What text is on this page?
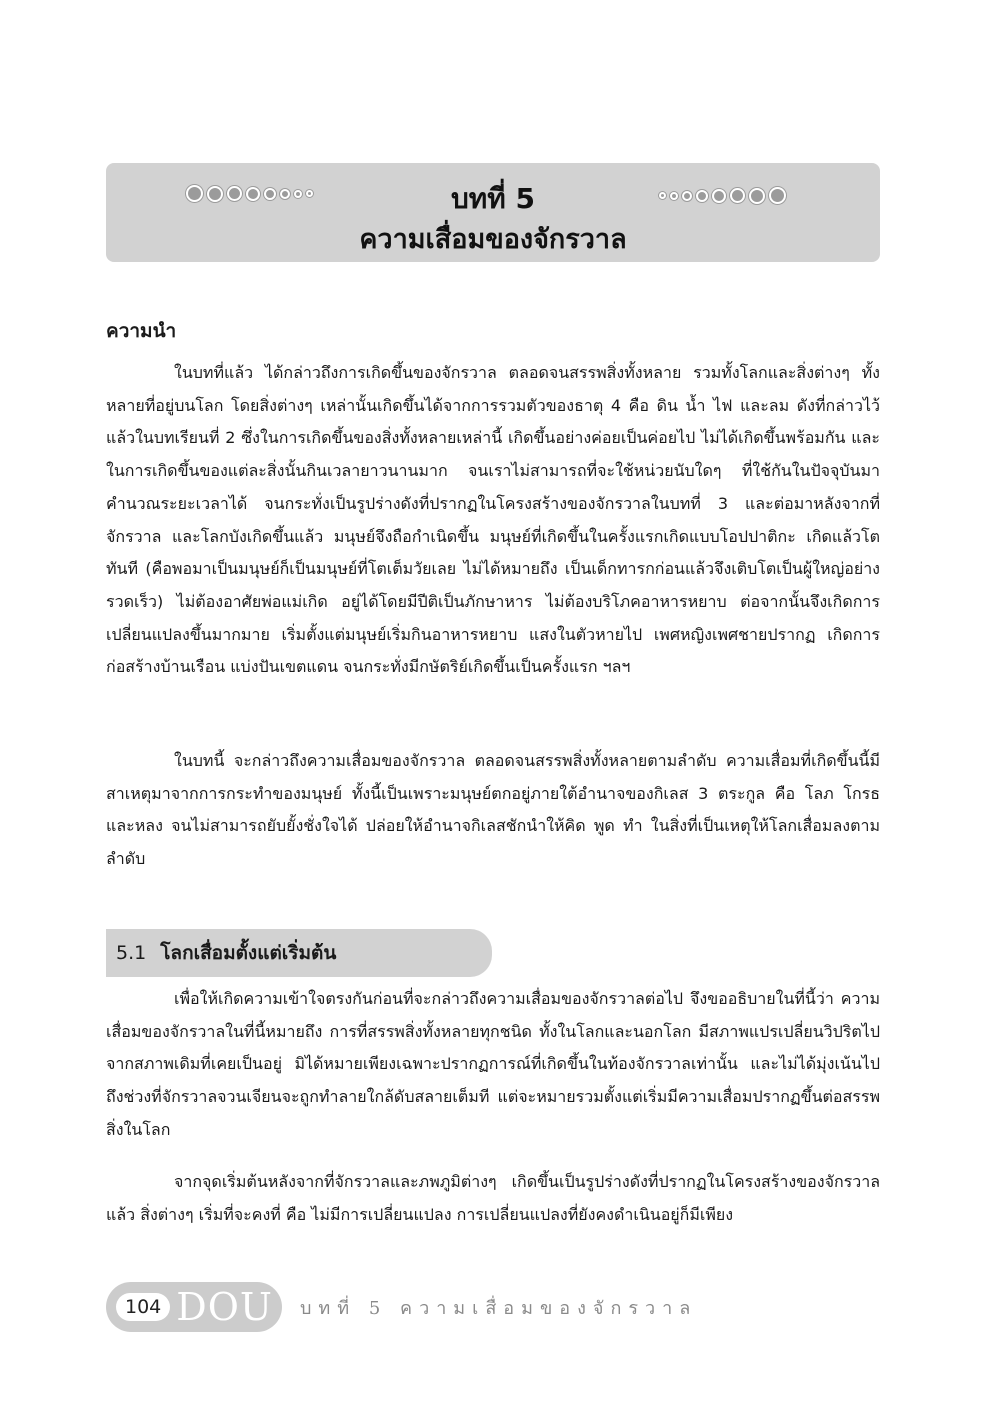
บทที่ 5
ความเสื่อมของจักรวาล
ความนำ

ในบทที่แล้ว ได้กล่าวถึงการเกิดขึ้นของจักรวาล ตลอดจนสรรพสิ่งทั้งหลาย รวมทั้งโลกและสิ่งต่างๆ ทั้งหลายที่อยู่บนโลก โดยสิ่งต่างๆ เหล่านั้นเกิดขึ้นได้จากการรวมตัวของธาตุ 4 คือ ดิน น้ำ ไฟ และลม ดังที่กล่าวไว้แล้วในบทเรียนที่ 2 ซึ่งในการเกิดขึ้นของสิ่งทั้งหลายเหล่านี้ เกิดขึ้นอย่างค่อยเป็นค่อยไป ไม่ได้เกิดขึ้นพร้อมกัน และในการเกิดขึ้นของแต่ละสิ่งนั้นกินเวลายาวนานมาก จนเราไม่สามารถที่จะใช้หน่วยนับใดๆ ที่ใช้กันในปัจจุบันมาคำนวณระยะเวลาได้ จนกระทั่งเป็นรูปร่างดังที่ปรากฏในโครงสร้างของจักรวาลในบทที่ 3 และต่อมาหลังจากที่จักรวาล และโลกบังเกิดขึ้นแล้ว มนุษย์จึงถือกำเนิดขึ้น มนุษย์ที่เกิดขึ้นในครั้งแรกเกิดแบบโอปปาติกะ เกิดแล้วโตทันที (คือพอมาเป็นมนุษย์ก็เป็นมนุษย์ที่โตเต็มวัยเลย ไม่ได้หมายถึง เป็นเด็กทารกก่อนแล้วจึงเติบโตเป็นผู้ใหญ่อย่างรวดเร็ว) ไม่ต้องอาศัยพ่อแม่เกิด อยู่ได้โดยมีปีติเป็นภักษาหาร ไม่ต้องบริโภคอาหารหยาบ ต่อจากนั้นจึงเกิดการเปลี่ยนแปลงขึ้นมากมาย เริ่มตั้งแต่มนุษย์เริ่มกินอาหารหยาบ แสงในตัวหายไป เพศหญิงเพศชายปรากฏ เกิดการก่อสร้างบ้านเรือน แบ่งปันเขตแดน จนกระทั่งมีกษัตริย์เกิดขึ้นเป็นครั้งแรก ฯลฯ

ในบทนี้ จะกล่าวถึงความเสื่อมของจักรวาล ตลอดจนสรรพสิ่งทั้งหลายตามลำดับ ความเสื่อมที่เกิดขึ้นนี้มีสาเหตุมาจากการกระทำของมนุษย์ ทั้งนี้เป็นเพราะมนุษย์ตกอยู่ภายใต้อำนาจของกิเลส 3 ตระกูล คือ โลภ โกรธ และหลง จนไม่สามารถยับยั้งชั่งใจได้ ปล่อยให้อำนาจกิเลสชักนำให้คิด พูด ทำ ในสิ่งที่เป็นเหตุให้โลกเสื่อมลงตามลำดับ

5.1 โลกเสื่อมตั้งแต่เริ่มต้น

เพื่อให้เกิดความเข้าใจตรงกันก่อนที่จะกล่าวถึงความเสื่อมของจักรวาลต่อไป จึงขออธิบายในที่นี้ว่า ความเสื่อมของจักรวาลในที่นี้หมายถึง การที่สรรพสิ่งทั้งหลายทุกชนิด ทั้งในโลกและนอกโลก มีสภาพแปรเปลี่ยนวิปริตไปจากสภาพเดิมที่เคยเป็นอยู่ มิได้หมายเพียงเฉพาะปรากฏการณ์ที่เกิดขึ้นในท้องจักรวาลเท่านั้น และไม่ได้มุ่งเน้นไปถึงช่วงที่จักรวาลจวนเจียนจะถูกทำลายใกล้ดับสลายเต็มที แต่จะหมายรวมตั้งแต่เริ่มมีความเสื่อมปรากฏขึ้นต่อสรรพสิ่งในโลก

จากจุดเริ่มต้นหลังจากที่จักรวาลและภพภูมิต่างๆ เกิดขึ้นเป็นรูปร่างดังที่ปรากฏในโครงสร้างของจักรวาลแล้ว สิ่งต่างๆ เริ่มที่จะคงที่ คือ ไม่มีการเปลี่ยนแปลง การเปลี่ยนแปลงที่ยังคงดำเนินอยู่ก็มีเพียง

104 DOU บทที่ 5 ความเสื่อมของจักรวาล
